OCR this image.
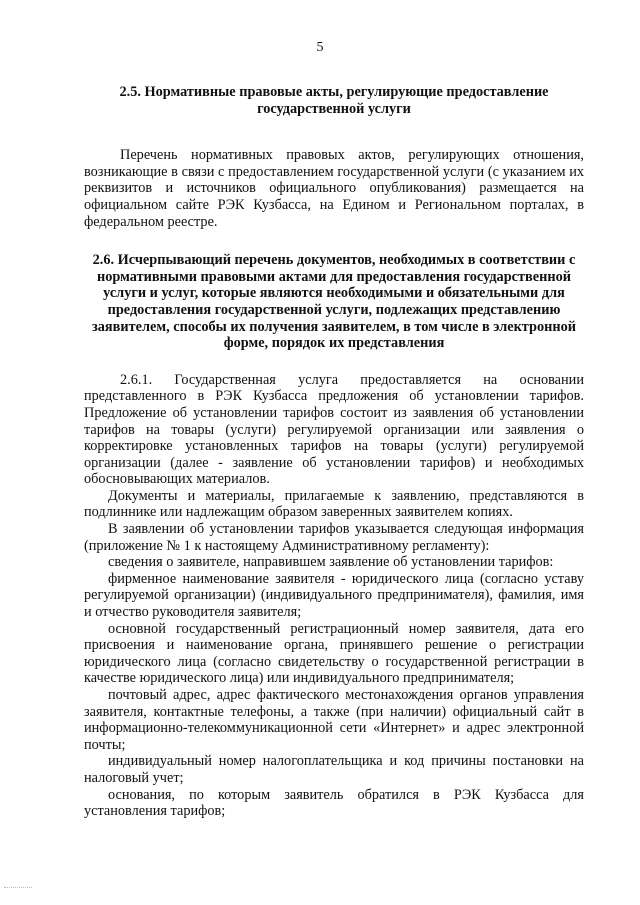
5

2.5. Нормативные правовые акты, регулирующие предоставление государственной услуги

Перечень нормативных правовых актов, регулирующих отношения, возникающие в связи с предоставлением государственной услуги (с указанием их реквизитов и источников официального опубликования) размещается на официальном сайте РЭК Кузбасса, на Едином и Региональном порталах, в федеральном реестре.

2.6. Исчерпывающий перечень документов, необходимых в соответствии с нормативными правовыми актами для предоставления государственной услуги и услуг, которые являются необходимыми и обязательными для предоставления государственной услуги, подлежащих представлению заявителем, способы их получения заявителем, в том числе в электронной форме, порядок их представления

2.6.1. Государственная услуга предоставляется на основании представленного в РЭК Кузбасса предложения об установлении тарифов. Предложение об установлении тарифов состоит из заявления об установлении тарифов на товары (услуги) регулируемой организации или заявления о корректировке установленных тарифов на товары (услуги) регулируемой организации (далее - заявление об установлении тарифов) и необходимых обосновывающих материалов.

Документы и материалы, прилагаемые к заявлению, представляются в подлиннике или надлежащим образом заверенных заявителем копиях.

В заявлении об установлении тарифов указывается следующая информация (приложение № 1 к настоящему Административному регламенту):

сведения о заявителе, направившем заявление об установлении тарифов:

фирменное наименование заявителя - юридического лица (согласно уставу регулируемой организации) (индивидуального предпринимателя), фамилия, имя и отчество руководителя заявителя;

основной государственный регистрационный номер заявителя, дата его присвоения и наименование органа, принявшего решение о регистрации юридического лица (согласно свидетельству о государственной регистрации в качестве юридического лица) или индивидуального предпринимателя;

почтовый адрес, адрес фактического местонахождения органов управления заявителя, контактные телефоны, а также (при наличии) официальный сайт в информационно-телекоммуникационной сети «Интернет» и адрес электронной почты;

индивидуальный номер налогоплательщика и код причины постановки на налоговый учет;

основания, по которым заявитель обратился в РЭК Кузбасса для установления тарифов;
